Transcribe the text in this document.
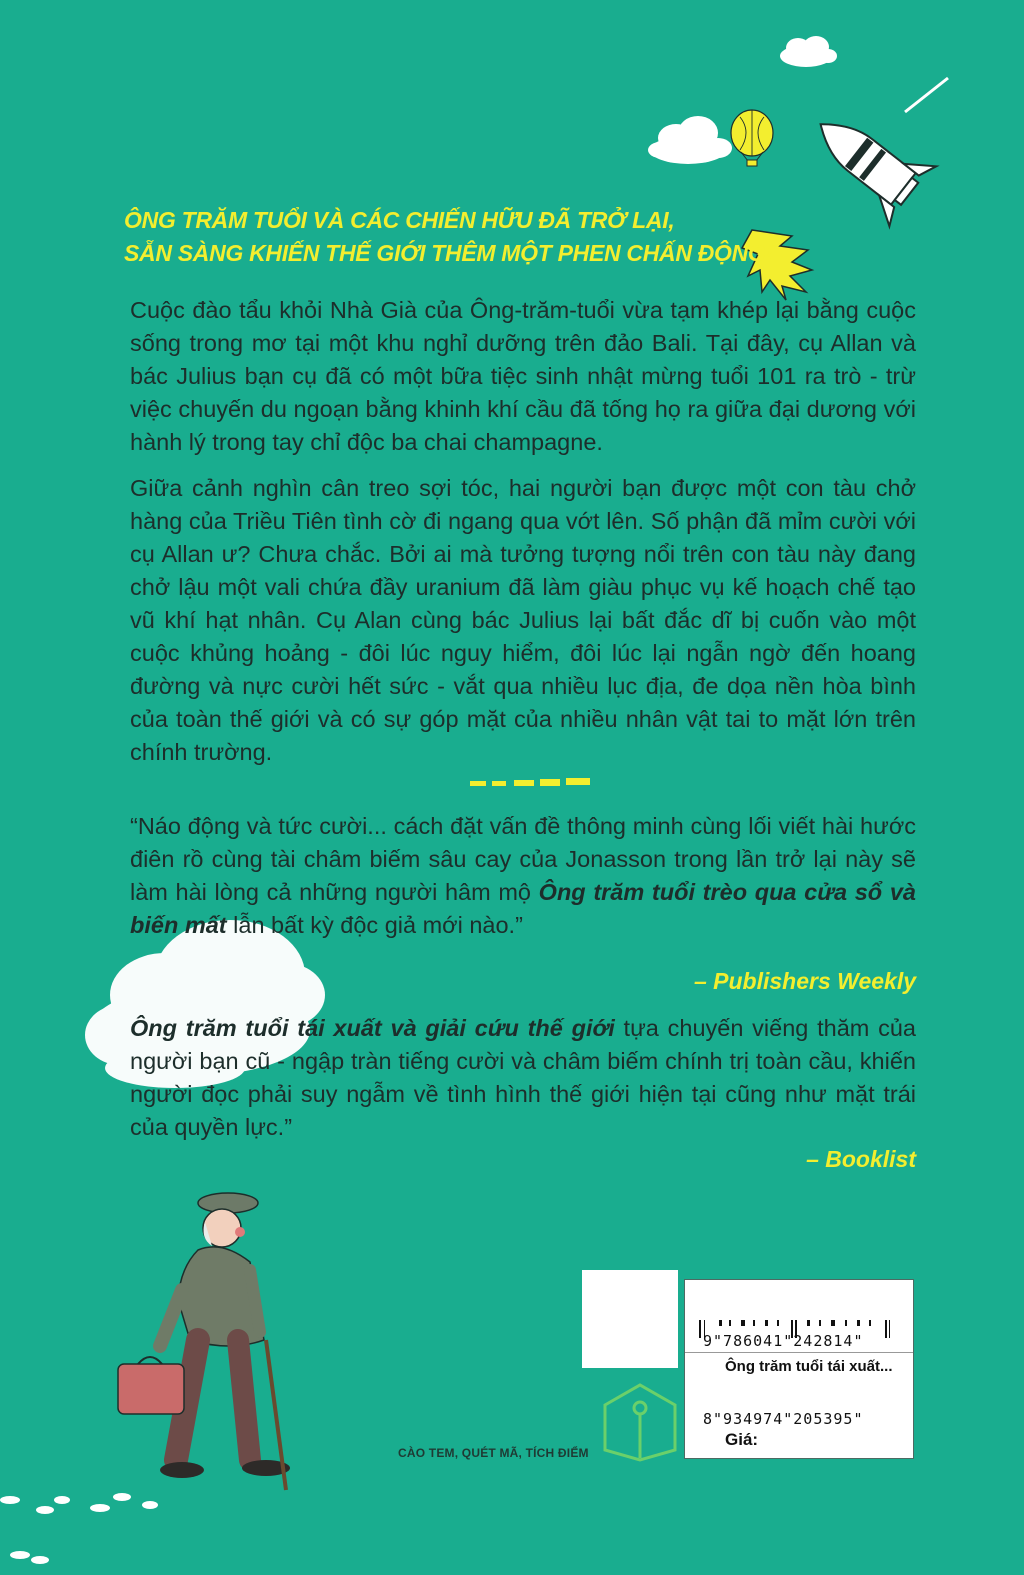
ÔNG TRĂM TUỔI VÀ CÁC CHIẾN HỮU ĐÃ TRỞ LẠI,
SẴN SÀNG KHIẾN THẾ GIỚI THÊM MỘT PHEN CHẤN ĐỘNG!

Cuộc đào tẩu khỏi Nhà Già của Ông-trăm-tuổi vừa tạm khép lại bằng cuộc sống trong mơ tại một khu nghỉ dưỡng trên đảo Bali. Tại đây, cụ Allan và bác Julius bạn cụ đã có một bữa tiệc sinh nhật mừng tuổi 101 ra trò - trừ việc chuyến du ngoạn bằng khinh khí cầu đã tống họ ra giữa đại dương với hành lý trong tay chỉ độc ba chai champagne.

Giữa cảnh nghìn cân treo sợi tóc, hai người bạn được một con tàu chở hàng của Triều Tiên tình cờ đi ngang qua vớt lên. Số phận đã mỉm cười với cụ Allan ư? Chưa chắc. Bởi ai mà tưởng tượng nổi trên con tàu này đang chở lậu một vali chứa đầy uranium đã làm giàu phục vụ kế hoạch chế tạo vũ khí hạt nhân. Cụ Alan cùng bác Julius lại bất đắc dĩ bị cuốn vào một cuộc khủng hoảng - đôi lúc nguy hiểm, đôi lúc lại ngẫn ngờ đến hoang đường và nực cười hết sức - vắt qua nhiều lục địa, đe dọa nền hòa bình của toàn thế giới và có sự góp mặt của nhiều nhân vật tai to mặt lớn trên chính trường.

“Náo động và tức cười... cách đặt vấn đề thông minh cùng lối viết hài hước điên rồ cùng tài châm biếm sâu cay của Jonasson trong lần trở lại này sẽ làm hài lòng cả những người hâm mộ Ông trăm tuổi trèo qua cửa sổ và biến mất lẫn bất kỳ độc giả mới nào.”

– Publishers Weekly

Ông trăm tuổi tái xuất và giải cứu thế giới tựa chuyến viếng thăm của người bạn cũ - ngập tràn tiếng cười và châm biếm chính trị toàn cầu, khiến người đọc phải suy ngẫm về tình hình thế giới hiện tại cũng như mặt trái của quyền lực.”

– Booklist
9"786041"242814"
Ông trăm tuổi tái xuất...
8"934974"205395"
Giá:
CÀO TEM, QUÉT MÃ, TÍCH ĐIỂM
